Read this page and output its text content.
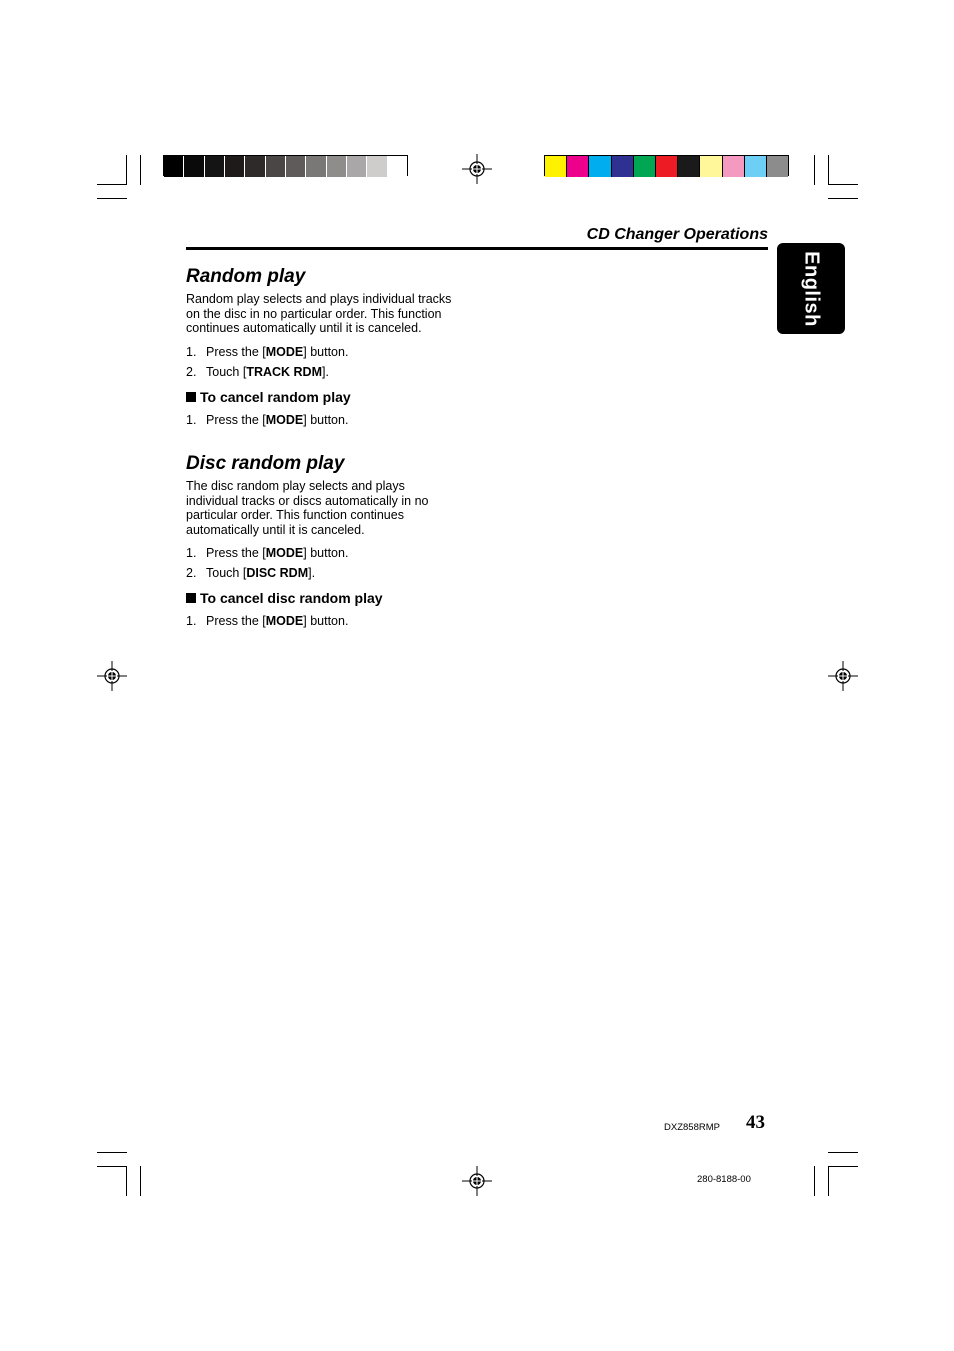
CD Changer Operations
English
Random play

Random play selects and plays individual tracks on the disc in no particular order. This function continues automatically until it is canceled.

1. Press the [MODE] button.
2. Touch [TRACK RDM].
To cancel random play
1. Press the [MODE] button.
Disc random play

The disc random play selects and plays individual tracks or discs automatically in no particular order. This function continues automatically until it is canceled.

1. Press the [MODE] button.
2. Touch [DISC RDM].
To cancel disc random play
1. Press the [MODE] button.
DXZ858RMP 43
280-8188-00
